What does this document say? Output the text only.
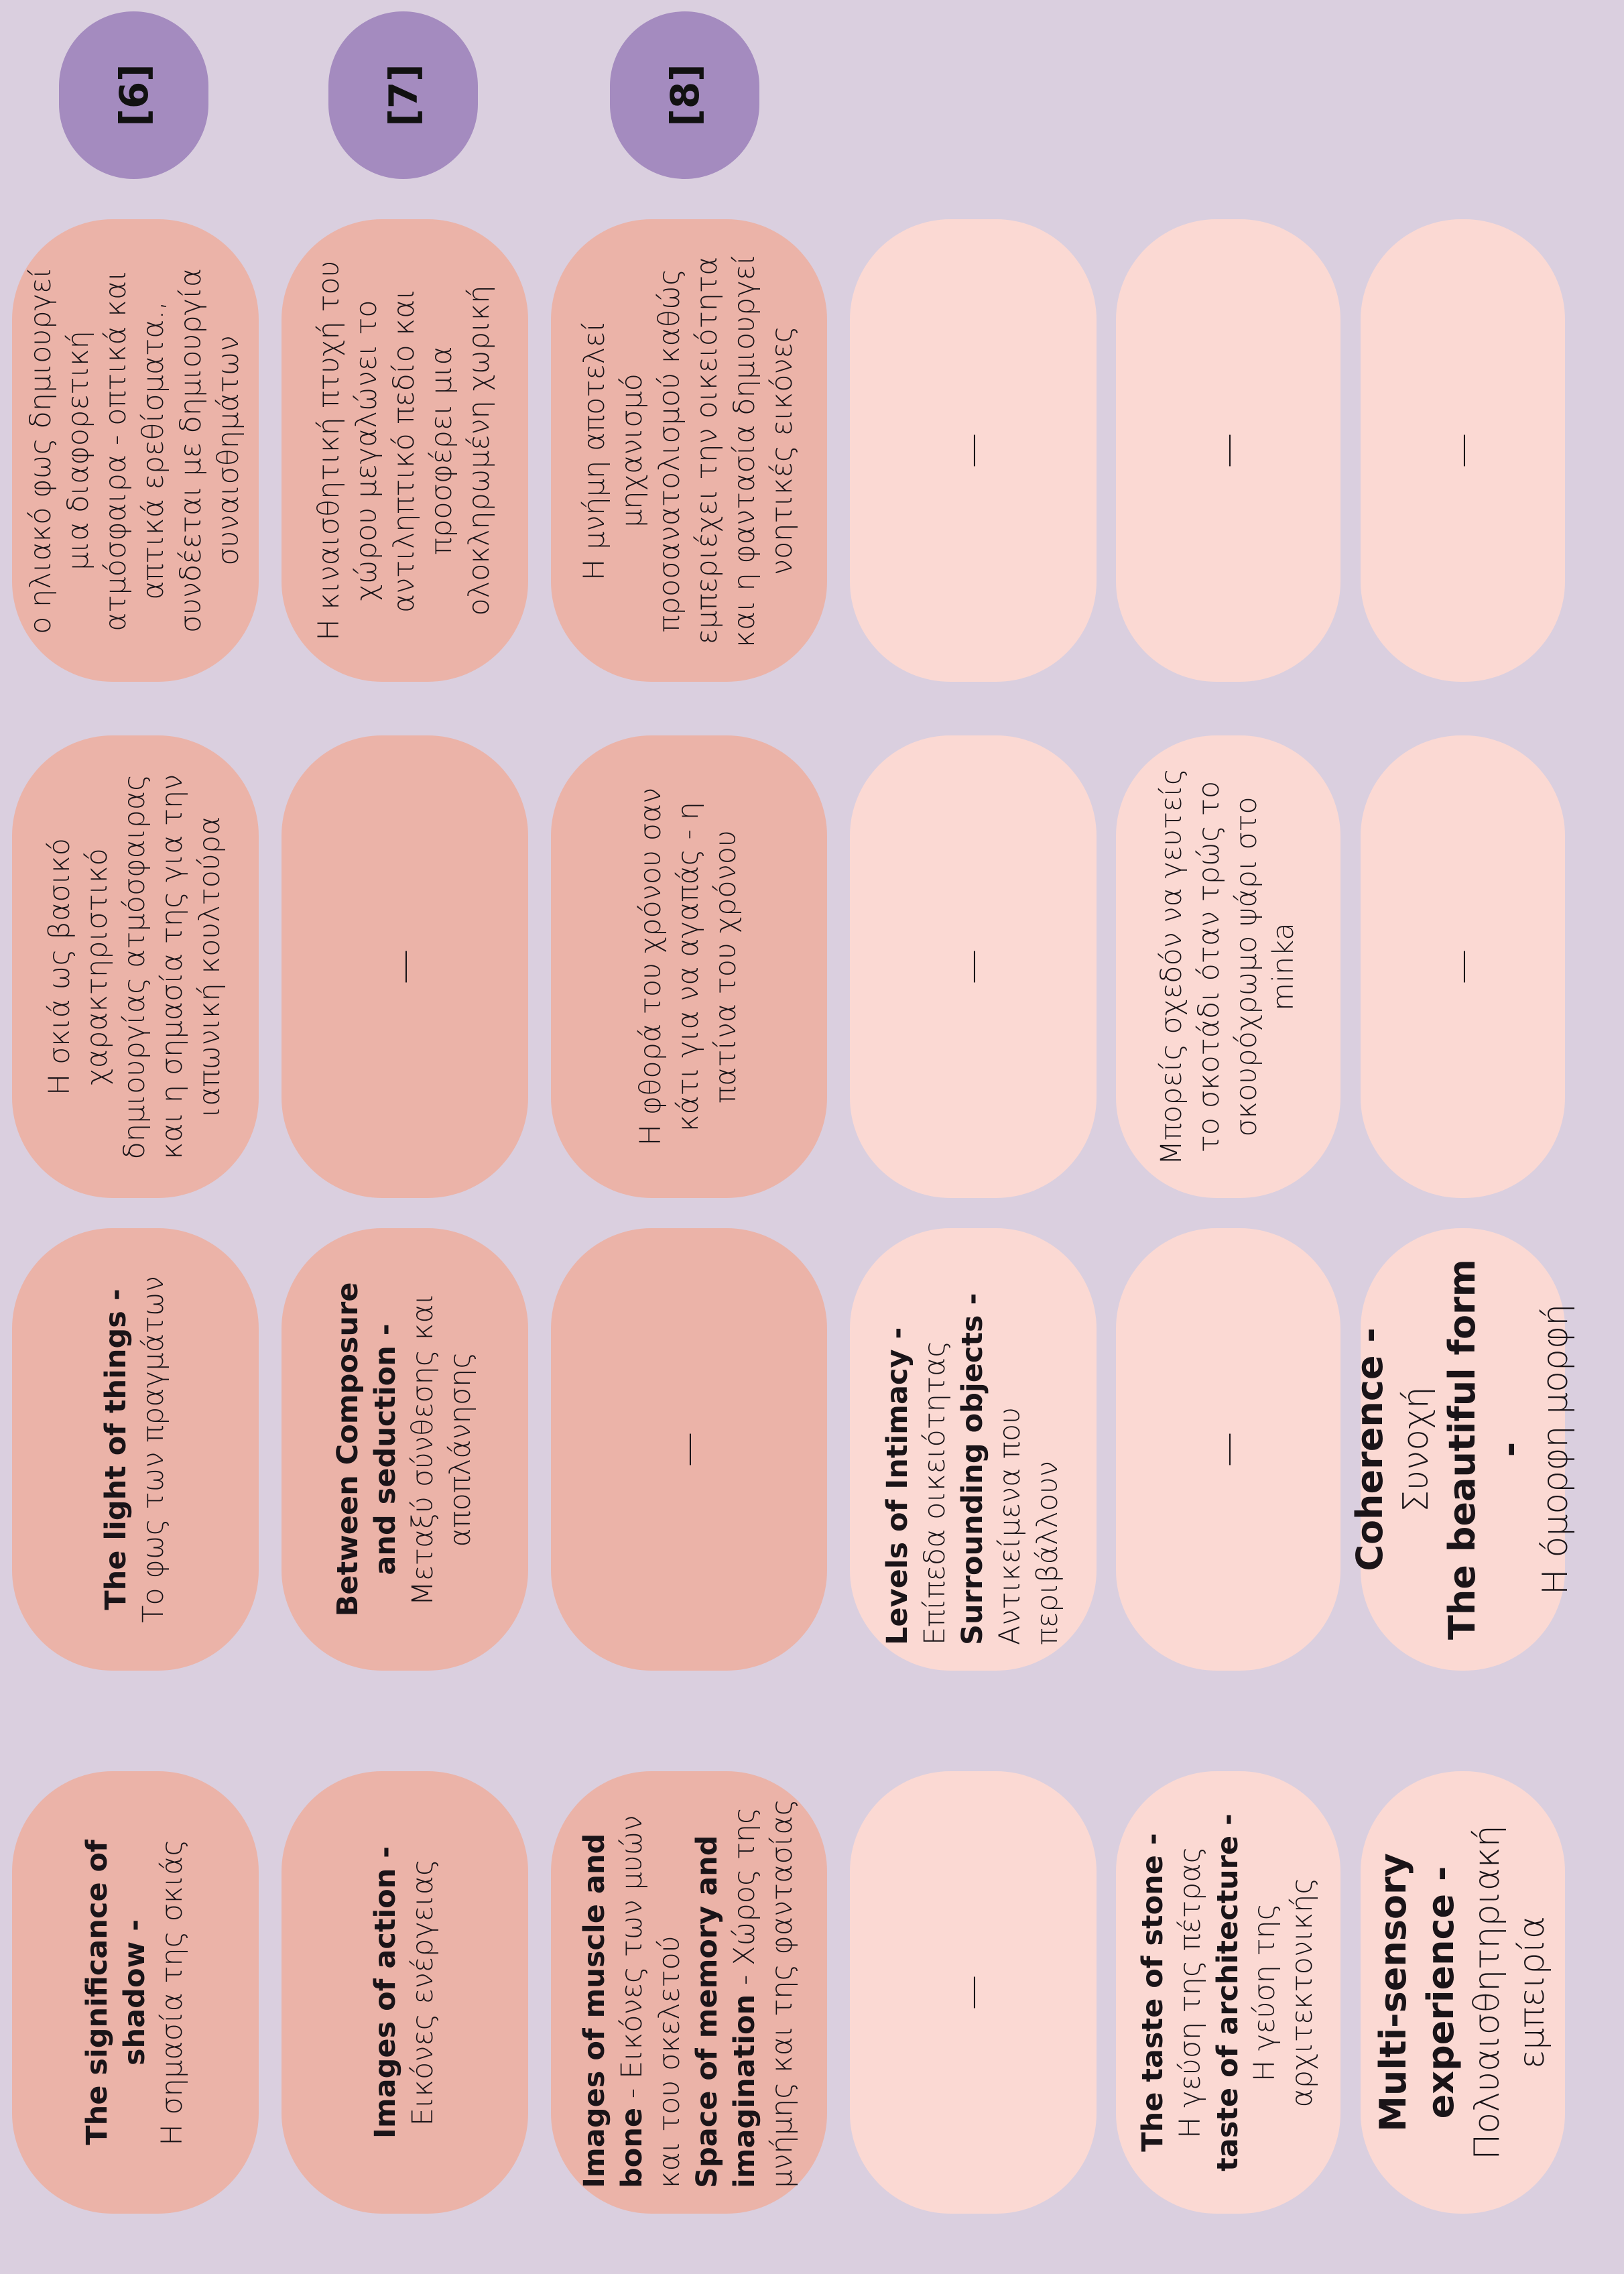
The significance of shadow - Η σημασία της σκιάς
The light of things - Το φως των πραγμάτων
Η σκιά ως βασικό χαρακτηριστικό δημιουργίας ατμόσφαιρας και η σημασία της για την ιαπωνική κουλτούρα
ο ηλιακό φως δημιουργεί μια διαφορετική ατμόσφαιρα - οπτικά και απτικά ερεθίσματα., συνδέεται με δημιουργία συναισθημάτων
[6]
Images of action - Εικόνες ενέργειας
Between Composure and seduction - Μεταξύ σύνθεσης και αποπλάνησης
—
Η κιναισθητική πτυχή του χώρου μεγαλώνει το αντιληπτικό πεδίο και προσφέρει μια ολοκληρωμένη χωρική
[7]
Images of muscle and bone - Εικόνες των μυών και του σκελετού Space of memory and imagination - Χώρος της μνήμης και της φαντασίας
—
Η φθορά του χρόνου σαν κάτι για να αγαπάς - η πατίνα του χρόνου
Η μνήμη αποτελεί μηχανισμό προσανατολισμού καθώς εμπεριέχει την οικειότητα και η φαντασία δημιουργεί νοητικές εικόνες
[8]
—
Levels of Intimacy - Επίπεδα οικειότητας Surrounding objects - Αντικείμενα που περιβάλλουν
—
—
The taste of stone - Η γεύση της πέτρας taste of architecture - Η γεύση της αρχιτεκτονικής
—
Μπορείς σχεδόν να γευτείς το σκοτάδι όταν τρώς το σκουρόχρωμο ψάρι στο minka
—
Multi-sensory experience - Πολυαισθητηριακή εμπειρία
Coherence - Συνοχή The beautiful form - Η όμορφη μορφή
—
—
